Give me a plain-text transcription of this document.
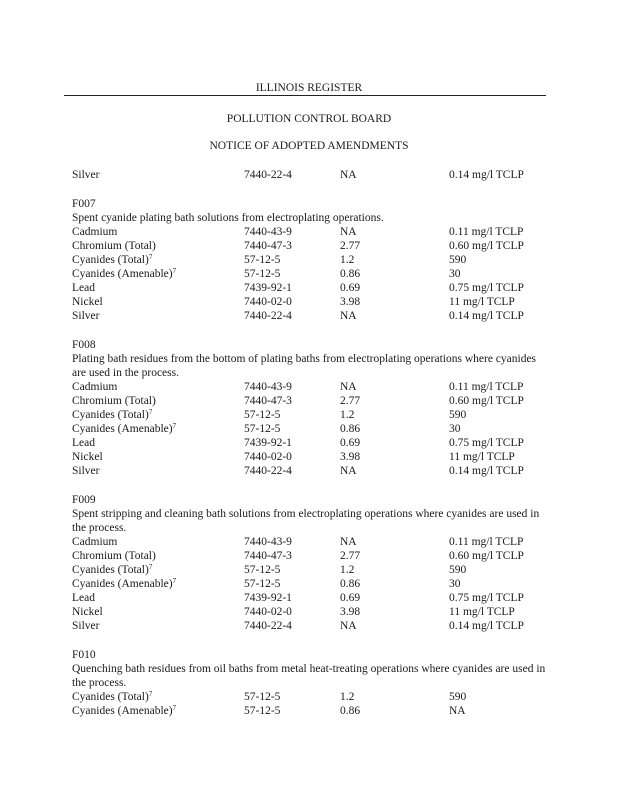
ILLINOIS REGISTER
POLLUTION CONTROL BOARD
NOTICE OF ADOPTED AMENDMENTS
Silver	7440-22-4	NA	0.14 mg/l TCLP
F007
Spent cyanide plating bath solutions from electroplating operations.
Cadmium	7440-43-9	NA	0.11 mg/l TCLP
Chromium (Total)	7440-47-3	2.77	0.60 mg/l TCLP
Cyanides (Total)$^7$	57-12-5	1.2	590
Cyanides (Amenable)$^7$	57-12-5	0.86	30
Lead	7439-92-1	0.69	0.75 mg/l TCLP
Nickel	7440-02-0	3.98	11 mg/l TCLP
Silver	7440-22-4	NA	0.14 mg/l TCLP
F008
Plating bath residues from the bottom of plating baths from electroplating operations where cyanides are used in the process.
Cadmium	7440-43-9	NA	0.11 mg/l TCLP
Chromium (Total)	7440-47-3	2.77	0.60 mg/l TCLP
Cyanides (Total)$^7$	57-12-5	1.2	590
Cyanides (Amenable)$^7$	57-12-5	0.86	30
Lead	7439-92-1	0.69	0.75 mg/l TCLP
Nickel	7440-02-0	3.98	11 mg/l TCLP
Silver	7440-22-4	NA	0.14 mg/l TCLP
F009
Spent stripping and cleaning bath solutions from electroplating operations where cyanides are used in the process.
Cadmium	7440-43-9	NA	0.11 mg/l TCLP
Chromium (Total)	7440-47-3	2.77	0.60 mg/l TCLP
Cyanides (Total)$^7$	57-12-5	1.2	590
Cyanides (Amenable)$^7$	57-12-5	0.86	30
Lead	7439-92-1	0.69	0.75 mg/l TCLP
Nickel	7440-02-0	3.98	11 mg/l TCLP
Silver	7440-22-4	NA	0.14 mg/l TCLP
F010
Quenching bath residues from oil baths from metal heat-treating operations where cyanides are used in the process.
Cyanides (Total)$^7$	57-12-5	1.2	590
Cyanides (Amenable)$^7$	57-12-5	0.86	NA
